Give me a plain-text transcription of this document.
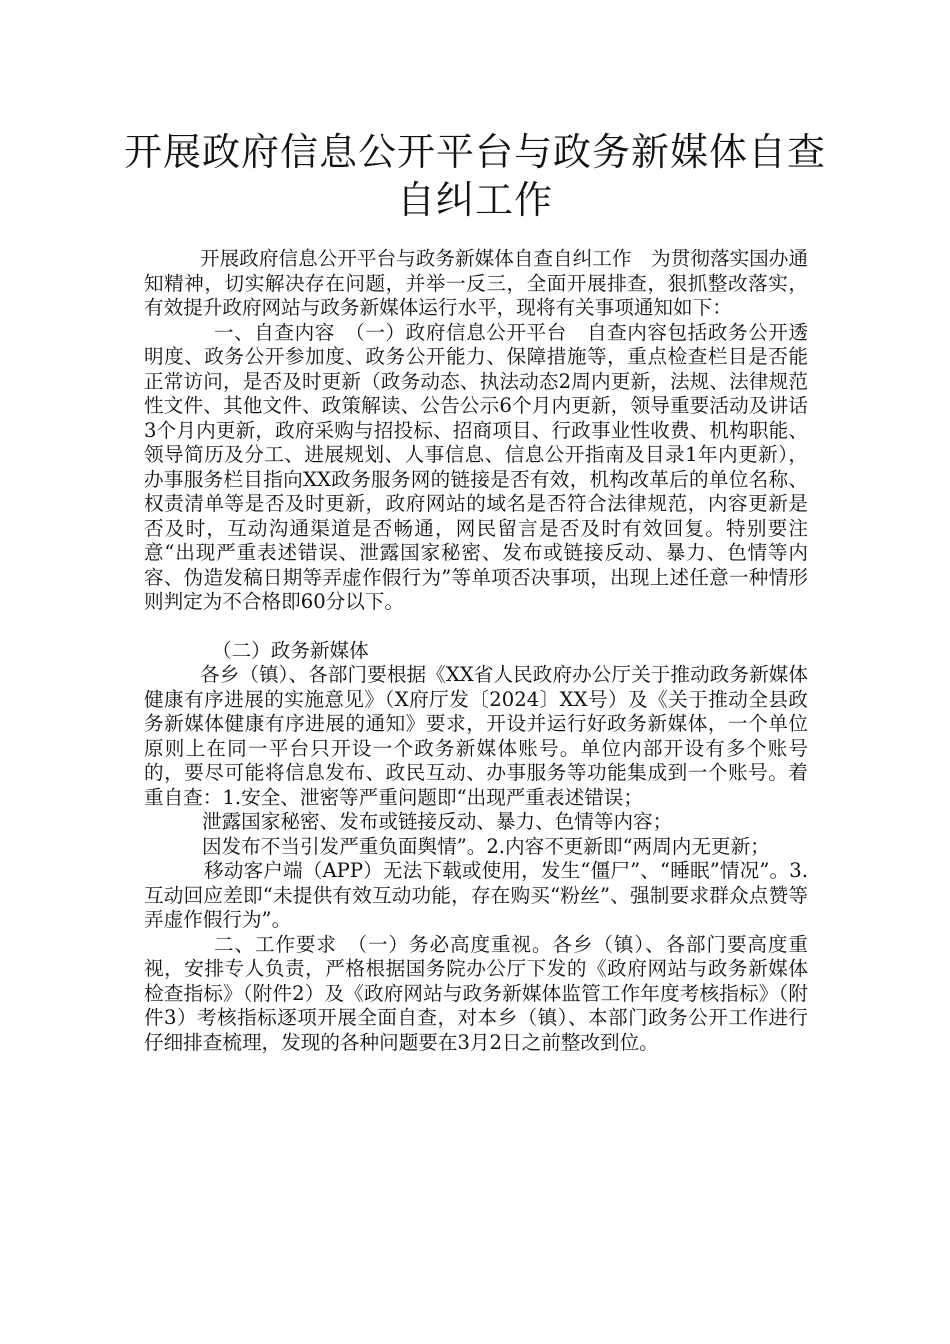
开展政府信息公开平台与政务新媒体自查
自纠工作

开展政府信息公开平台与政务新媒体自查自纠工作　为贯彻落实国办通知精神，切实解决存在问题，并举一反三，全面开展排查，狠抓整改落实，有效提升政府网站与政务新媒体运行水平，现将有关事项通知如下：

一、自查内容　（一）政府信息公开平台　自查内容包括政务公开透明度、政务公开参加度、政务公开能力、保障措施等，重点检查栏目是否能正常访问，是否及时更新（政务动态、执法动态2周内更新，法规、法律规范性文件、其他文件、政策解读、公告公示6个月内更新，领导重要活动及讲话3个月内更新，政府采购与招投标、招商项目、行政事业性收费、机构职能、领导简历及分工、进展规划、人事信息、信息公开指南及目录1年内更新），办事服务栏目指向XX政务服务网的链接是否有效，机构改革后的单位名称、权责清单等是否及时更新，政府网站的域名是否符合法律规范，内容更新是否及时，互动沟通渠道是否畅通，网民留言是否及时有效回复。特别要注意“出现严重表述错误、泄露国家秘密、发布或链接反动、暴力、色情等内容、伪造发稿日期等弄虚作假行为”等单项否决事项，出现上述任意一种情形则判定为不合格即60分以下。

（二）政务新媒体

各乡（镇）、各部门要根据《XX省人民政府办公厅关于推动政务新媒体健康有序进展的实施意见》（X府厅发〔2024〕XX号）及《关于推动全县政务新媒体健康有序进展的通知》要求，开设并运行好政务新媒体，一个单位原则上在同一平台只开设一个政务新媒体账号。单位内部开设有多个账号的，要尽可能将信息发布、政民互动、办事服务等功能集成到一个账号。着重自查：1.安全、泄密等严重问题即“出现严重表述错误；

泄露国家秘密、发布或链接反动、暴力、色情等内容；

因发布不当引发严重负面舆情”。2.内容不更新即“两周内无更新；

移动客户端（APP）无法下载或使用，发生“僵尸”、“睡眠”情况”。3.互动回应差即“未提供有效互动功能，存在购买“粉丝”、强制要求群众点赞等弄虚作假行为”。

二、工作要求　（一）务必高度重视。各乡（镇）、各部门要高度重视，安排专人负责，严格根据国务院办公厅下发的《政府网站与政务新媒体检查指标》（附件2）及《政府网站与政务新媒体监管工作年度考核指标》（附件3）考核指标逐项开展全面自查，对本乡（镇）、本部门政务公开工作进行仔细排查梳理，发现的各种问题要在3月2日之前整改到位。
